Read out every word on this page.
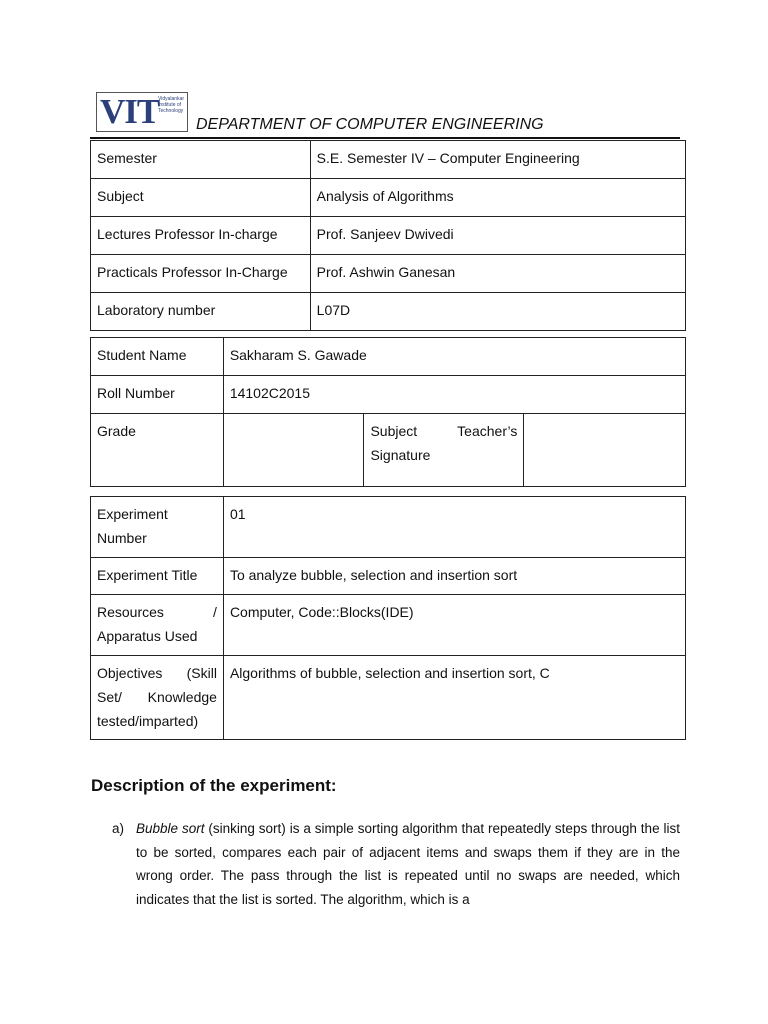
VIT
Vidyalankar Institute of Technology
DEPARTMENT OF COMPUTER ENGINEERING
Semester	S.E. Semester IV – Computer Engineering
Subject	Analysis of Algorithms
Lectures Professor In-charge	Prof. Sanjeev Dwivedi
Practicals Professor In-Charge	Prof. Ashwin Ganesan
Laboratory number	L07D
Student Name	Sakharam S. Gawade		
Roll Number	14102C2015		
Grade		Subject Teacher’s
Signature	

Experiment Number	01
Experiment Title	To analyze bubble, selection and insertion sort
Resources / Apparatus Used	Computer, Code::Blocks(IDE)
Objectives (Skill Set/ Knowledge tested/imparted)	Algorithms of bubble, selection and insertion sort, C
Description of the experiment:
a) Bubble sort (sinking sort) is a simple sorting algorithm that repeatedly steps through the list to be sorted, compares each pair of adjacent items and swaps them if they are in the wrong order. The pass through the list is repeated until no swaps are needed, which indicates that the list is sorted. The algorithm, which is a
